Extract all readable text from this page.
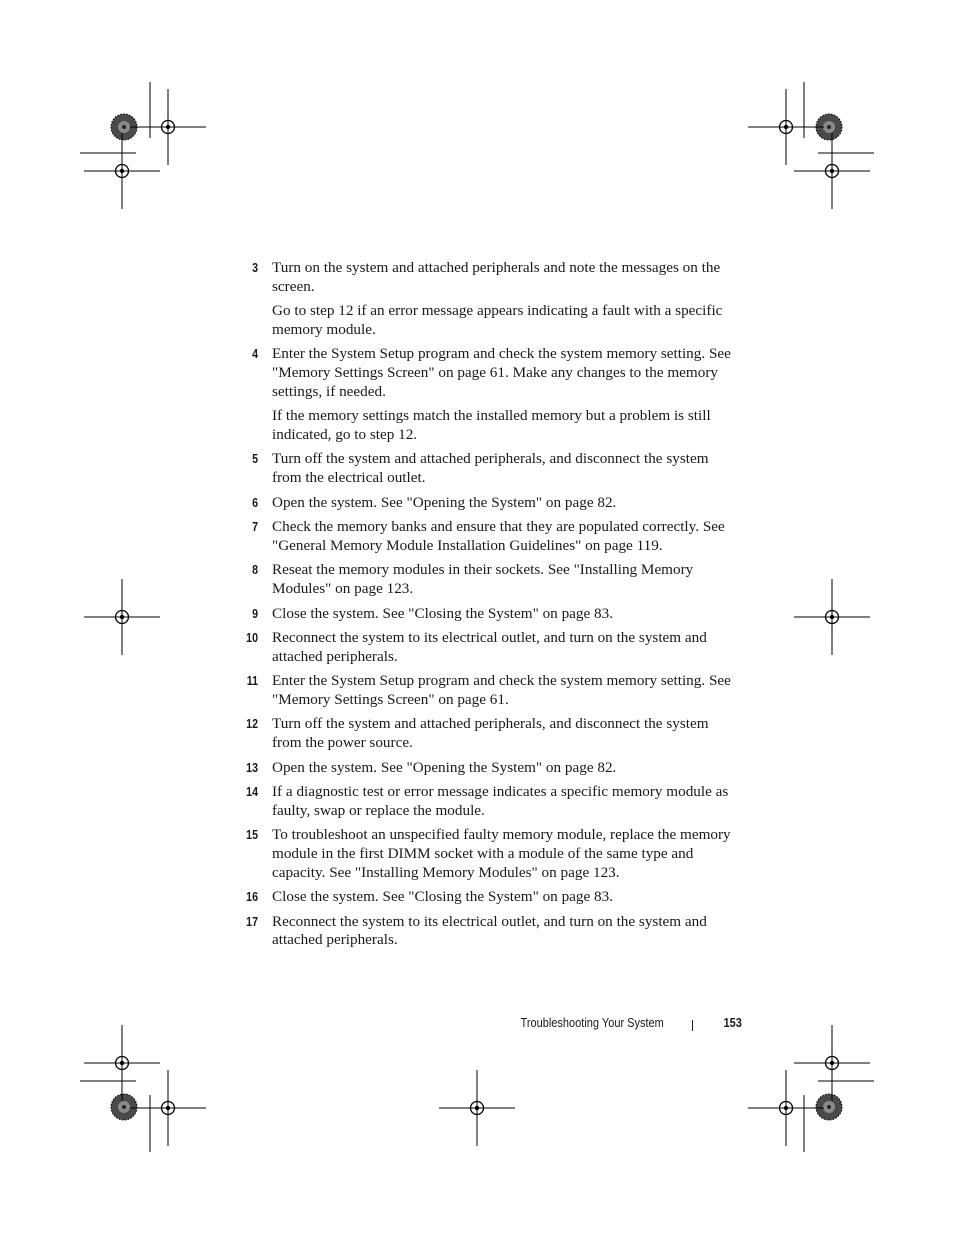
3 Turn on the system and attached peripherals and note the messages on the screen.

Go to step 12 if an error message appears indicating a fault with a specific memory module.

4 Enter the System Setup program and check the system memory setting. See "Memory Settings Screen" on page 61. Make any changes to the memory settings, if needed.

If the memory settings match the installed memory but a problem is still indicated, go to step 12.

5 Turn off the system and attached peripherals, and disconnect the system from the electrical outlet.

6 Open the system. See "Opening the System" on page 82.

7 Check the memory banks and ensure that they are populated correctly. See "General Memory Module Installation Guidelines" on page 119.

8 Reseat the memory modules in their sockets. See "Installing Memory Modules" on page 123.

9 Close the system. See "Closing the System" on page 83.

10 Reconnect the system to its electrical outlet, and turn on the system and attached peripherals.

11 Enter the System Setup program and check the system memory setting. See "Memory Settings Screen" on page 61.

12 Turn off the system and attached peripherals, and disconnect the system from the power source.

13 Open the system. See "Opening the System" on page 82.

14 If a diagnostic test or error message indicates a specific memory module as faulty, swap or replace the module.

15 To troubleshoot an unspecified faulty memory module, replace the memory module in the first DIMM socket with a module of the same type and capacity. See "Installing Memory Modules" on page 123.

16 Close the system. See "Closing the System" on page 83.

17 Reconnect the system to its electrical outlet, and turn on the system and attached peripherals.

Troubleshooting Your System	153
